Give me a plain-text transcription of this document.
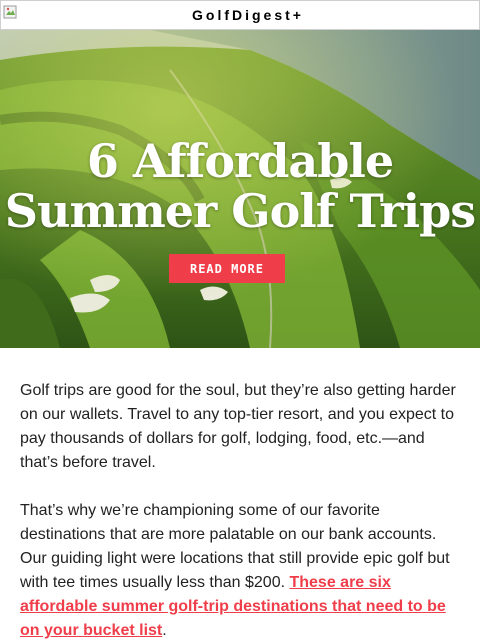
GolfDigest+
6 Affordable
Summer Golf Trips
READ MORE

Golf trips are good for the soul, but they’re also getting harder on our wallets. Travel to any top-tier resort, and you expect to pay thousands of dollars for golf, lodging, food, etc.—and that’s before travel.

That’s why we’re championing some of our favorite destinations that are more palatable on our bank accounts. Our guiding light were locations that still provide epic golf but with tee times usually less than $200. These are six affordable summer golf-trip destinations that need to be on your bucket list.
